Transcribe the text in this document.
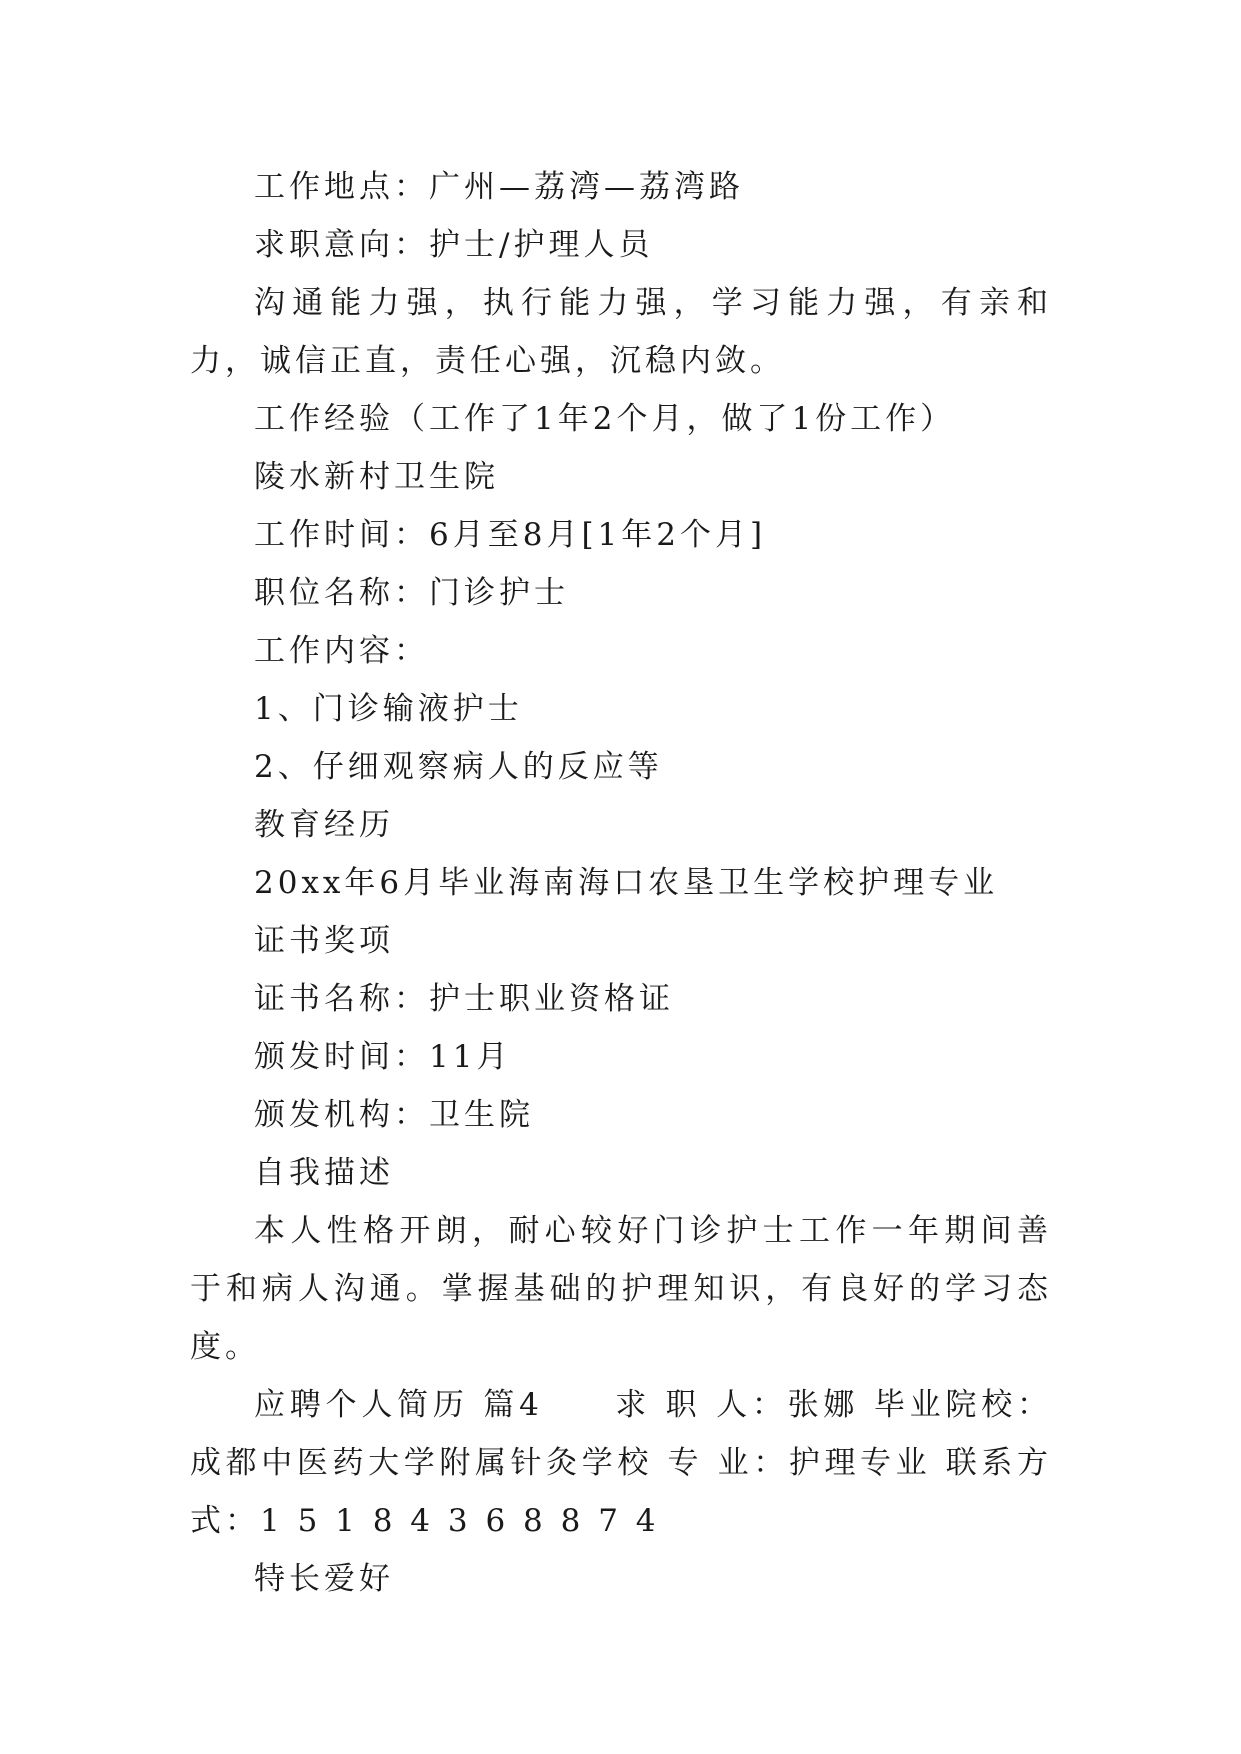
工作地点：广州—荔湾—荔湾路

求职意向：护士/护理人员

沟通能力强，执行能力强，学习能力强，有亲和力，诚信正直，责任心强，沉稳内敛。

工作经验（工作了1年2个月，做了1份工作）

陵水新村卫生院

工作时间：6月至8月[1年2个月]

职位名称：门诊护士

工作内容：

1、门诊输液护士

2、仔细观察病人的反应等

教育经历

20xx年6月毕业海南海口农垦卫生学校护理专业

证书奖项

证书名称：护士职业资格证

颁发时间：11月

颁发机构：卫生院

自我描述

本人性格开朗，耐心较好门诊护士工作一年期间善于和病人沟通。掌握基础的护理知识，有良好的学习态度。

应聘个人简历 篇4　　求 职 人：张娜 毕业院校：成都中医药大学附属针灸学校 专 业：护理专业 联系方式：1 5 1 8 4 3 6 8 8 7 4

特长爱好
